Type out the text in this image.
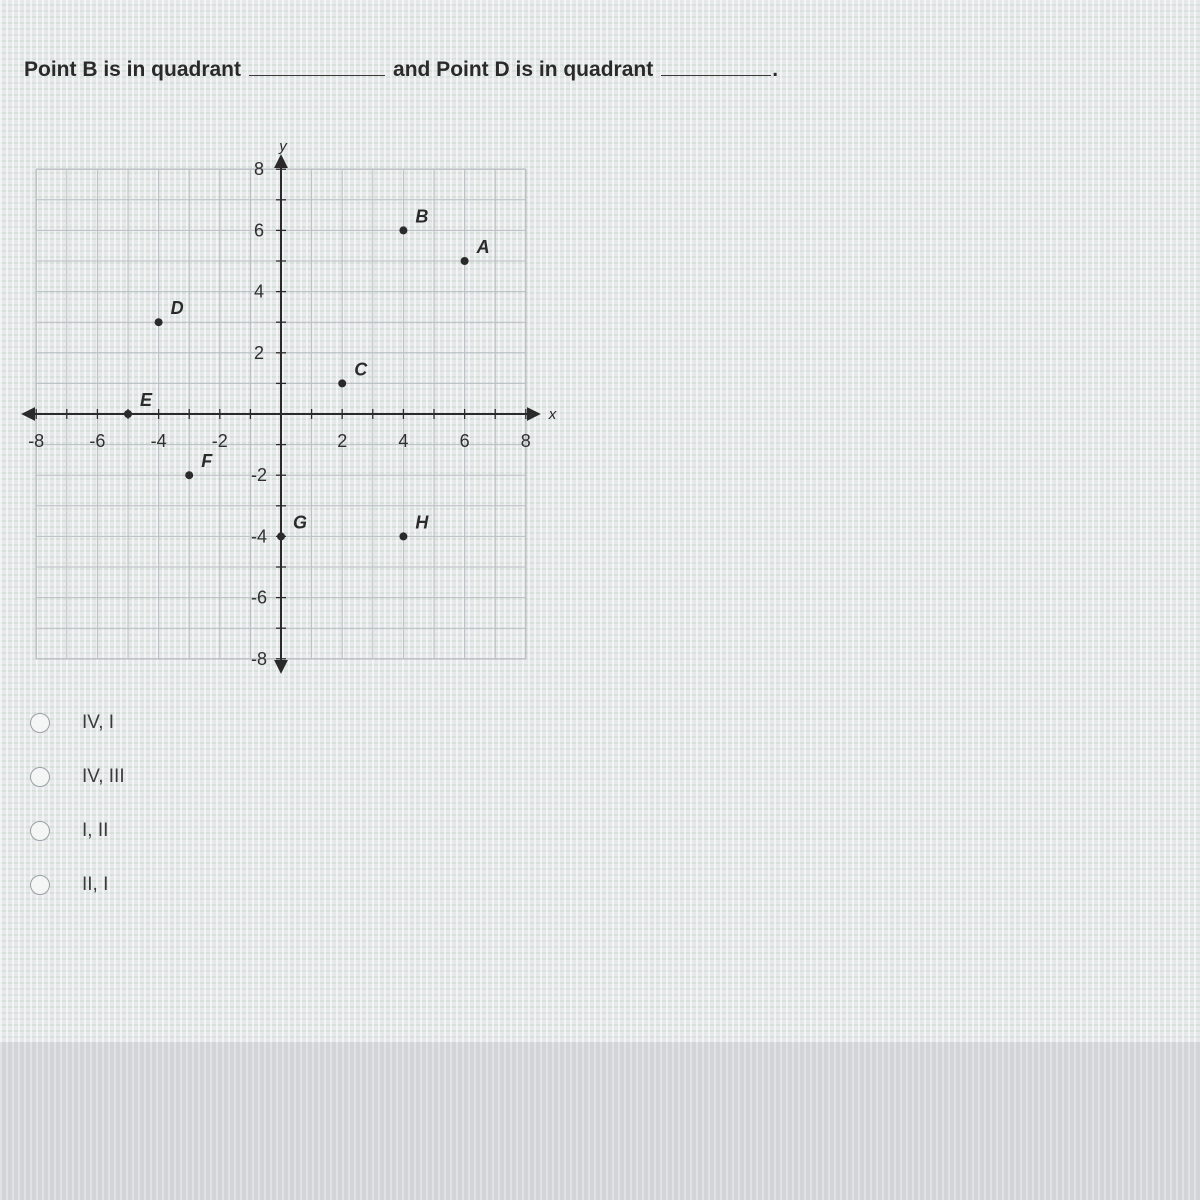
Point B is in quadrant	and Point D is in quadrant	.
x
y
-8	-6	-4	-2	2	4	6	8
8
6
4
2
-2
-4
-6
-8
A
B
C
D
E
F
G	H
IV, I
IV, III
I, II
II, I
